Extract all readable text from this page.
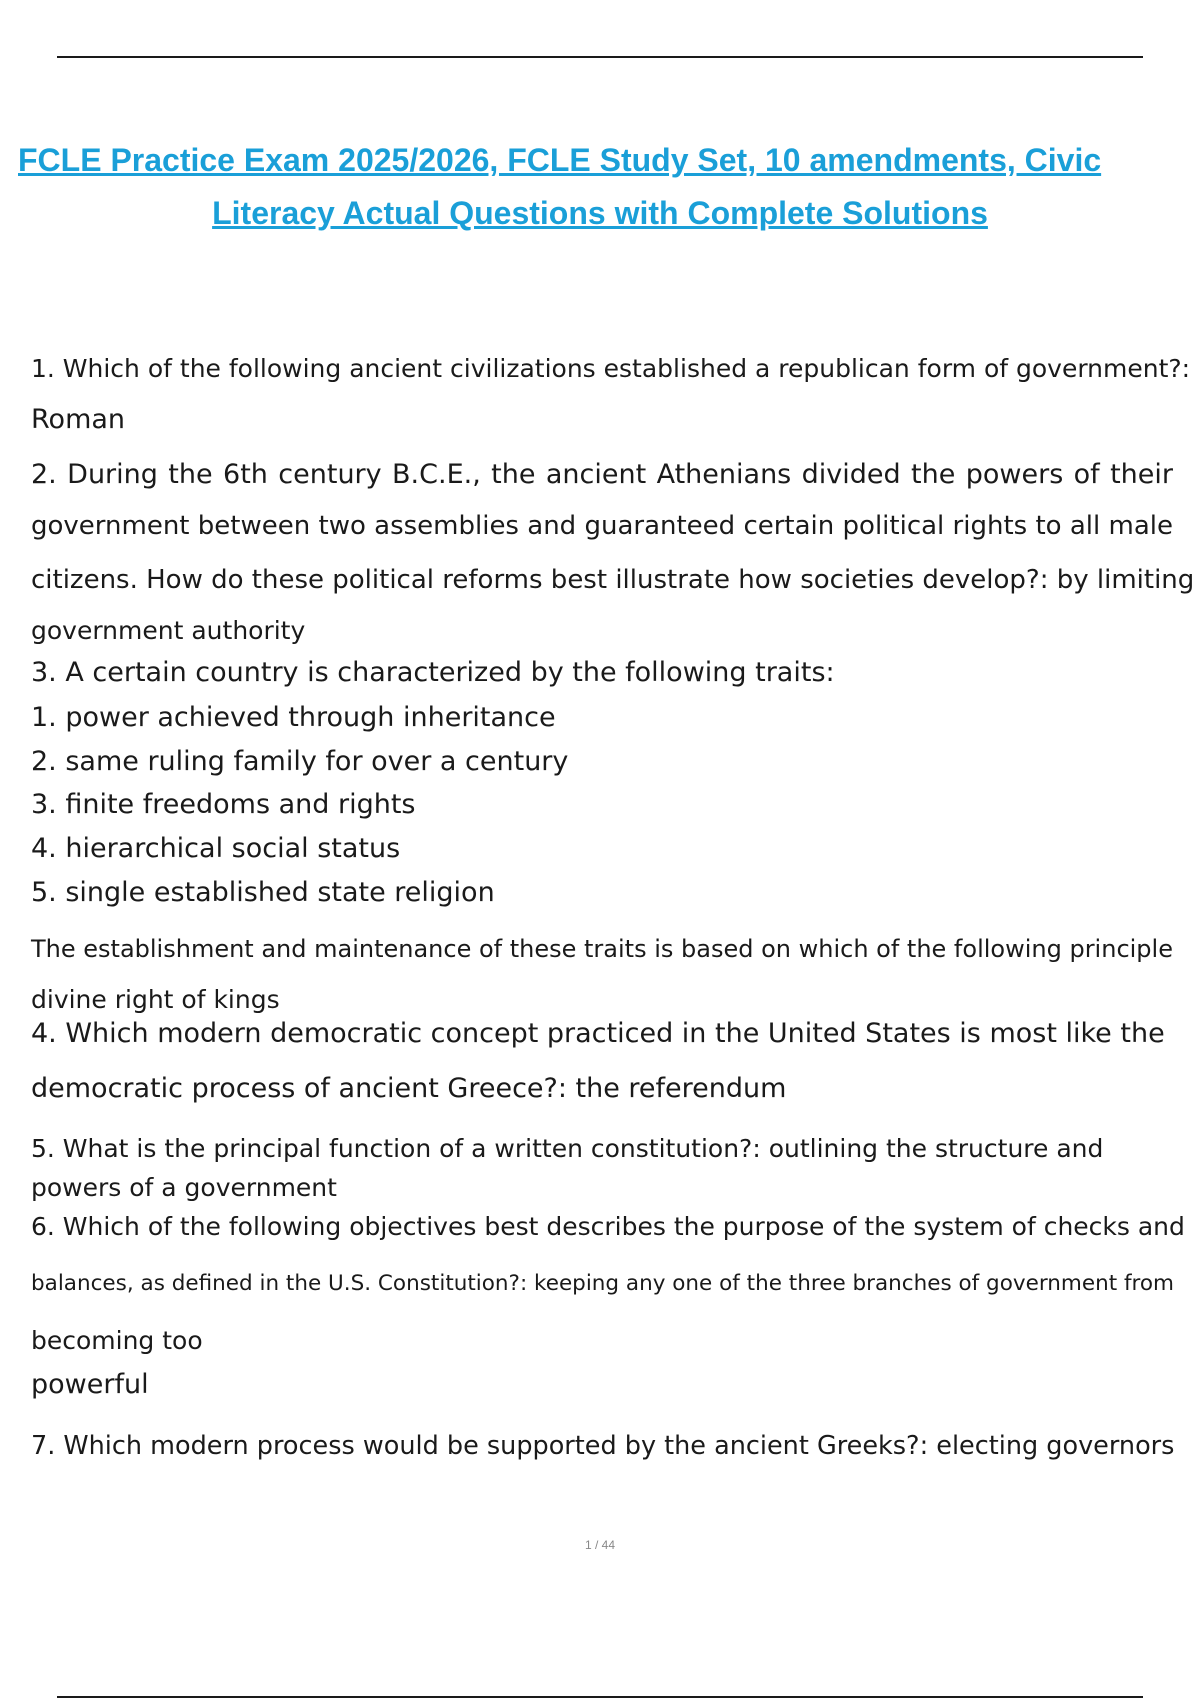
FCLE Practice Exam 2025/2026, FCLE Study Set, 10 amendments, Civic
Literacy Actual Questions with Complete Solutions
1. Which of the following ancient civilizations established a republican form of government?:
Roman
2. During the 6th century B.C.E., the ancient Athenians divided the powers of their
government between two assemblies and guaranteed certain political rights to all male
citizens. How do these political reforms best illustrate how societies develop?: by limiting
government authority
3. A certain country is characterized by the following traits:
1. power achieved through inheritance
2. same ruling family for over a century
3. finite freedoms and rights
4. hierarchical social status
5. single established state religion
The establishment and maintenance of these traits is based on which of the following principle
divine right of kings
4. Which modern democratic concept practiced in the United States is most like the
democratic process of ancient Greece?: the referendum
5. What is the principal function of a written constitution?: outlining the structure and
powers of a government
6. Which of the following objectives best describes the purpose of the system of checks and
balances, as defined in the U.S. Constitution?: keeping any one of the three branches of government from
becoming too
powerful
7. Which modern process would be supported by the ancient Greeks?: electing governors
1 / 44
